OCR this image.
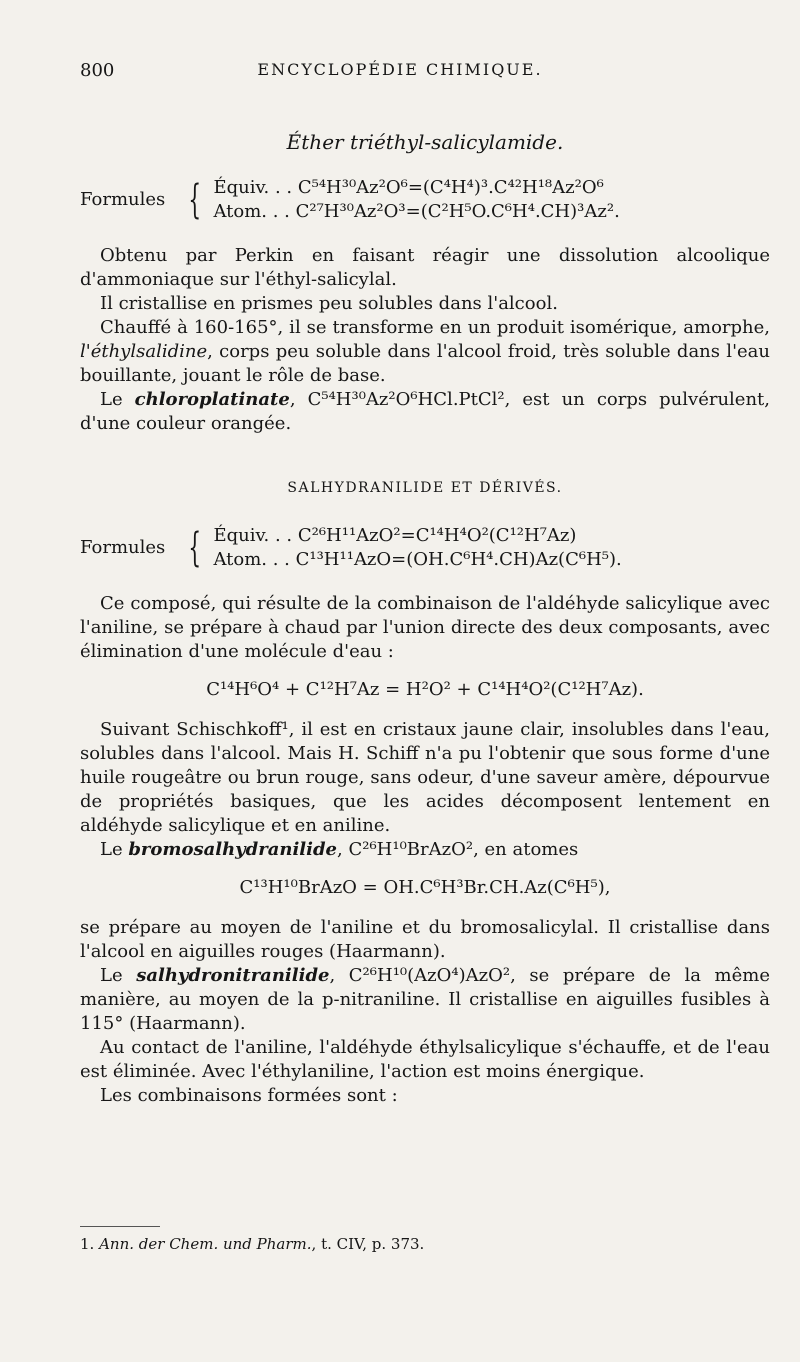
800	ENCYCLOPÉDIE CHIMIQUE.
Éther triéthyl-salicylamide.
Formules { Équiv. . . C⁵⁴H³⁰Az²O⁶=(C⁴H⁴)³.C⁴²H¹⁸Az²O⁶
Atom. . . C²⁷H³⁰Az²O³=(C²H⁵O.C⁶H⁴.CH)³Az².

Obtenu par Perkin en faisant réagir une dissolution alcoolique d'ammoniaque sur l'éthyl-salicylal.

Il cristallise en prismes peu solubles dans l'alcool.

Chauffé à 160-165°, il se transforme en un produit isomérique, amorphe, l'éthylsalidine, corps peu soluble dans l'alcool froid, très soluble dans l'eau bouillante, jouant le rôle de base.

Le chloroplatinate, C⁵⁴H³⁰Az²O⁶HCl.PtCl², est un corps pulvérulent, d'une couleur orangée.

SALHYDRANILIDE ET DÉRIVÉS.
Formules { Équiv. . . C²⁶H¹¹AzO²=C¹⁴H⁴O²(C¹²H⁷Az)
Atom. . . C¹³H¹¹AzO=(OH.C⁶H⁴.CH)Az(C⁶H⁵).

Ce composé, qui résulte de la combinaison de l'aldéhyde salicylique avec l'aniline, se prépare à chaud par l'union directe des deux composants, avec élimination d'une molécule d'eau :

C¹⁴H⁶O⁴ + C¹²H⁷Az = H²O² + C¹⁴H⁴O²(C¹²H⁷Az).

Suivant Schischkoff¹, il est en cristaux jaune clair, insolubles dans l'eau, solubles dans l'alcool. Mais H. Schiff n'a pu l'obtenir que sous forme d'une huile rougeâtre ou brun rouge, sans odeur, d'une saveur amère, dépourvue de propriétés basiques, que les acides décomposent lentement en aldéhyde salicylique et en aniline.

Le bromosalhydranilide, C²⁶H¹⁰BrAzO², en atomes

C¹³H¹⁰BrAzO = OH.C⁶H³Br.CH.Az(C⁶H⁵),

se prépare au moyen de l'aniline et du bromosalicylal. Il cristallise dans l'alcool en aiguilles rouges (Haarmann).

Le salhydronitranilide, C²⁶H¹⁰(AzO⁴)AzO², se prépare de la même manière, au moyen de la p-nitraniline. Il cristallise en aiguilles fusibles à 115° (Haarmann).

Au contact de l'aniline, l'aldéhyde éthylsalicylique s'échauffe, et de l'eau est éliminée. Avec l'éthylaniline, l'action est moins énergique.

Les combinaisons formées sont :

1. Ann. der Chem. und Pharm., t. CIV, p. 373.
